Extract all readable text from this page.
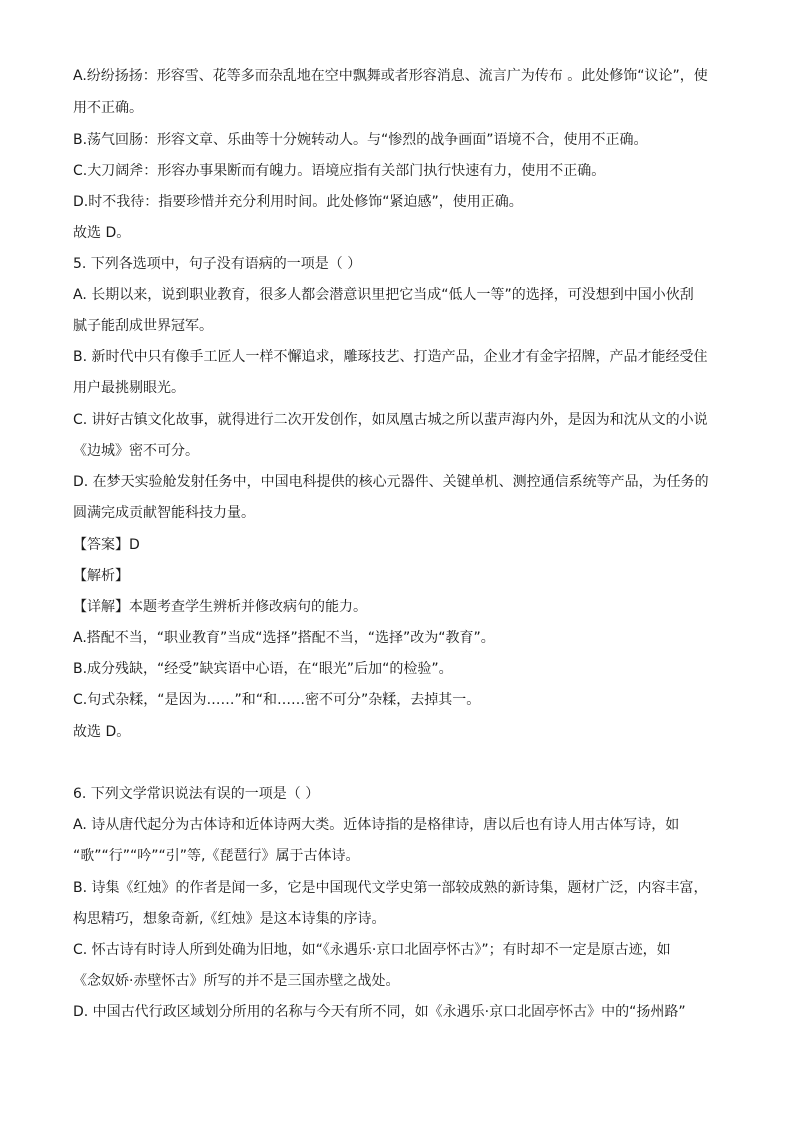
A.纷纷扬扬：形容雪、花等多而杂乱地在空中飘舞或者形容消息、流言广为传布 。此处修饰“议论”，使
用不正确。
B.荡气回肠：形容文章、乐曲等十分婉转动人。与“惨烈的战争画面”语境不合，使用不正确。
C.大刀阔斧：形容办事果断而有魄力。语境应指有关部门执行快速有力，使用不正确。
D.时不我待：指要珍惜并充分利用时间。此处修饰“紧迫感”，使用正确。
故选 D。
5. 下列各选项中，句子没有语病的一项是（ ）
A. 长期以来，说到职业教育，很多人都会潜意识里把它当成“低人一等”的选择，可没想到中国小伙刮
腻子能刮成世界冠军。
B. 新时代中只有像手工匠人一样不懈追求，雕琢技艺、打造产品，企业才有金字招牌，产品才能经受住
用户最挑剔眼光。
C. 讲好古镇文化故事，就得进行二次开发创作，如凤凰古城之所以蜚声海内外，是因为和沈从文的小说
《边城》密不可分。
D. 在梦天实验舱发射任务中，中国电科提供的核心元器件、关键单机、测控通信系统等产品，为任务的
圆满完成贡献智能科技力量。
【答案】D
【解析】
【详解】本题考查学生辨析并修改病句的能力。
A.搭配不当，“职业教育”当成“选择”搭配不当，“选择”改为“教育”。
B.成分残缺，“经受”缺宾语中心语，在“眼光”后加“的检验”。
C.句式杂糅，“是因为……”和“和……密不可分”杂糅，去掉其一。
故选 D。
6. 下列文学常识说法有误的一项是（ ）
A. 诗从唐代起分为古体诗和近体诗两大类。近体诗指的是格律诗，唐以后也有诗人用古体写诗，如
“歌”“行”“吟”“引”等,《琵琶行》属于古体诗。
B. 诗集《红烛》的作者是闻一多，它是中国现代文学史第一部较成熟的新诗集，题材广泛，内容丰富，
构思精巧，想象奇新,《红烛》是这本诗集的序诗。
C. 怀古诗有时诗人所到处确为旧地，如“《永遇乐·京口北固亭怀古》”；有时却不一定是原古迹，如
《念奴娇·赤壁怀古》所写的并不是三国赤壁之战处。
D. 中国古代行政区域划分所用的名称与今天有所不同，如《永遇乐·京口北固亭怀古》中的“扬州路”
